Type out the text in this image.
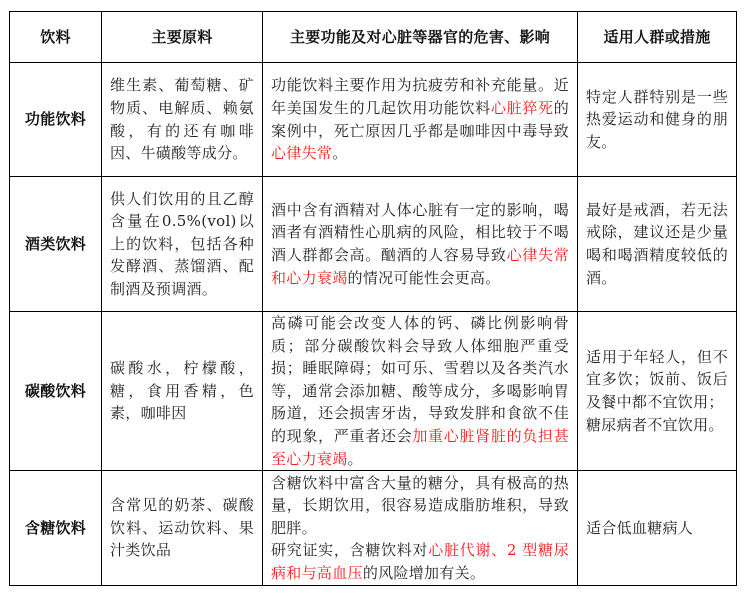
饮料	主要原料	主要功能及对心脏等器官的危害、影响	适用人群或措施
功能饮料	维生素、葡萄糖、矿物质、电解质、赖氨酸，有的还有咖啡因、牛磺酸等成分。	功能饮料主要作用为抗疲劳和补充能量。近年美国发生的几起饮用功能饮料心脏猝死的案例中，死亡原因几乎都是咖啡因中毒导致心律失常。	特定人群特别是一些热爱运动和健身的朋友。
酒类饮料	供人们饮用的且乙醇含量在0.5%(vol)以上的饮料，包括各种发酵酒、蒸馏酒、配制酒及预调酒。	酒中含有酒精对人体心脏有一定的影响，喝酒者有酒精性心肌病的风险，相比较于不喝酒人群都会高。酗酒的人容易导致心律失常和心力衰竭的情况可能性会更高。	最好是戒酒，若无法戒除，建议还是少量喝和喝酒精度较低的酒。
碳酸饮料	碳酸水，柠檬酸，糖，食用香精，色素，咖啡因	高磷可能会改变人体的钙、磷比例影响骨质；部分碳酸饮料会导致人体细胞严重受损；睡眠障碍；如可乐、雪碧以及各类汽水等，通常会添加糖、酸等成分，多喝影响胃肠道，还会损害牙齿，导致发胖和食欲不佳的现象，严重者还会加重心脏肾脏的负担甚至心力衰竭。	适用于年轻人，但不宜多饮；饭前、饭后及餐中都不宜饮用；
糖尿病者不宜饮用。

含糖饮料	含常见的奶茶、碳酸饮料、运动饮料、果汁类饮品	含糖饮料中富含大量的糖分，具有极高的热量，长期饮用，很容易造成脂肪堆积，导致肥胖。
研究证实，含糖饮料对心脏代谢、2 型糖尿病和与高血压的风险增加有关。	适合低血糖病人
